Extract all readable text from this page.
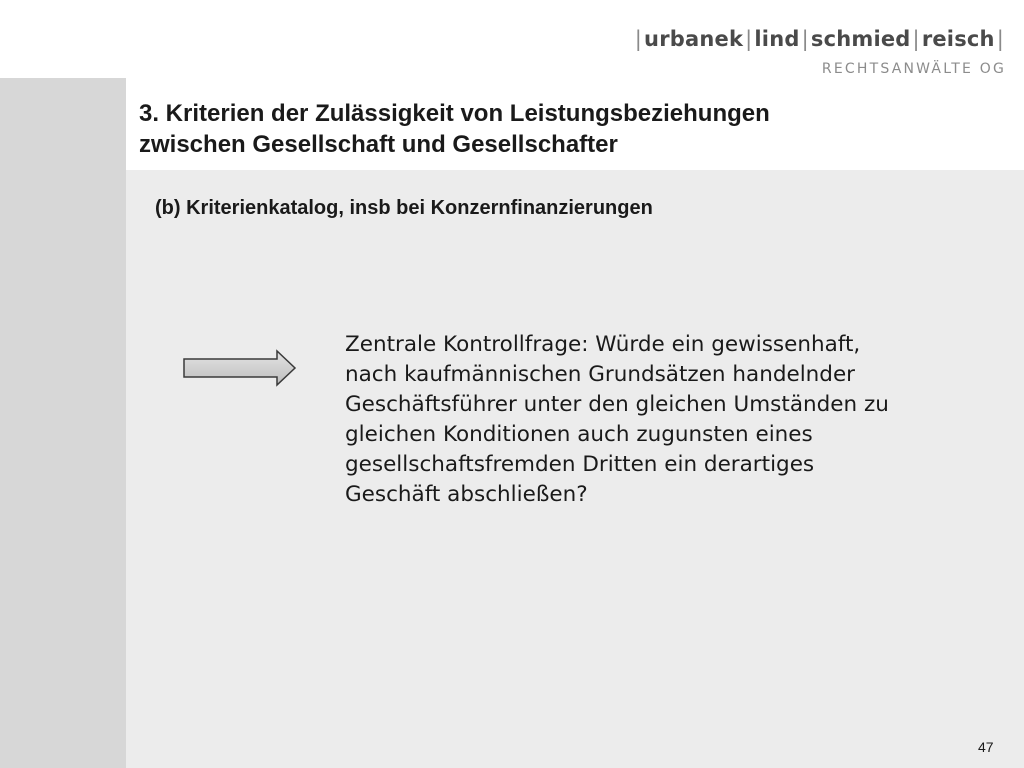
|urbanek|lind|schmied|reisch|
RECHTSANWÄLTE OG
3. Kriterien der Zulässigkeit von Leistungsbeziehungen
zwischen Gesellschaft und Gesellschafter
(b) Kriterienkatalog, insb bei Konzernfinanzierungen
Zentrale Kontrollfrage: Würde ein gewissenhaft,
nach kaufmännischen Grundsätzen handelnder
Geschäftsführer unter den gleichen Umständen zu
gleichen Konditionen auch zugunsten eines
gesellschaftsfremden Dritten ein derartiges
Geschäft abschließen?
47
